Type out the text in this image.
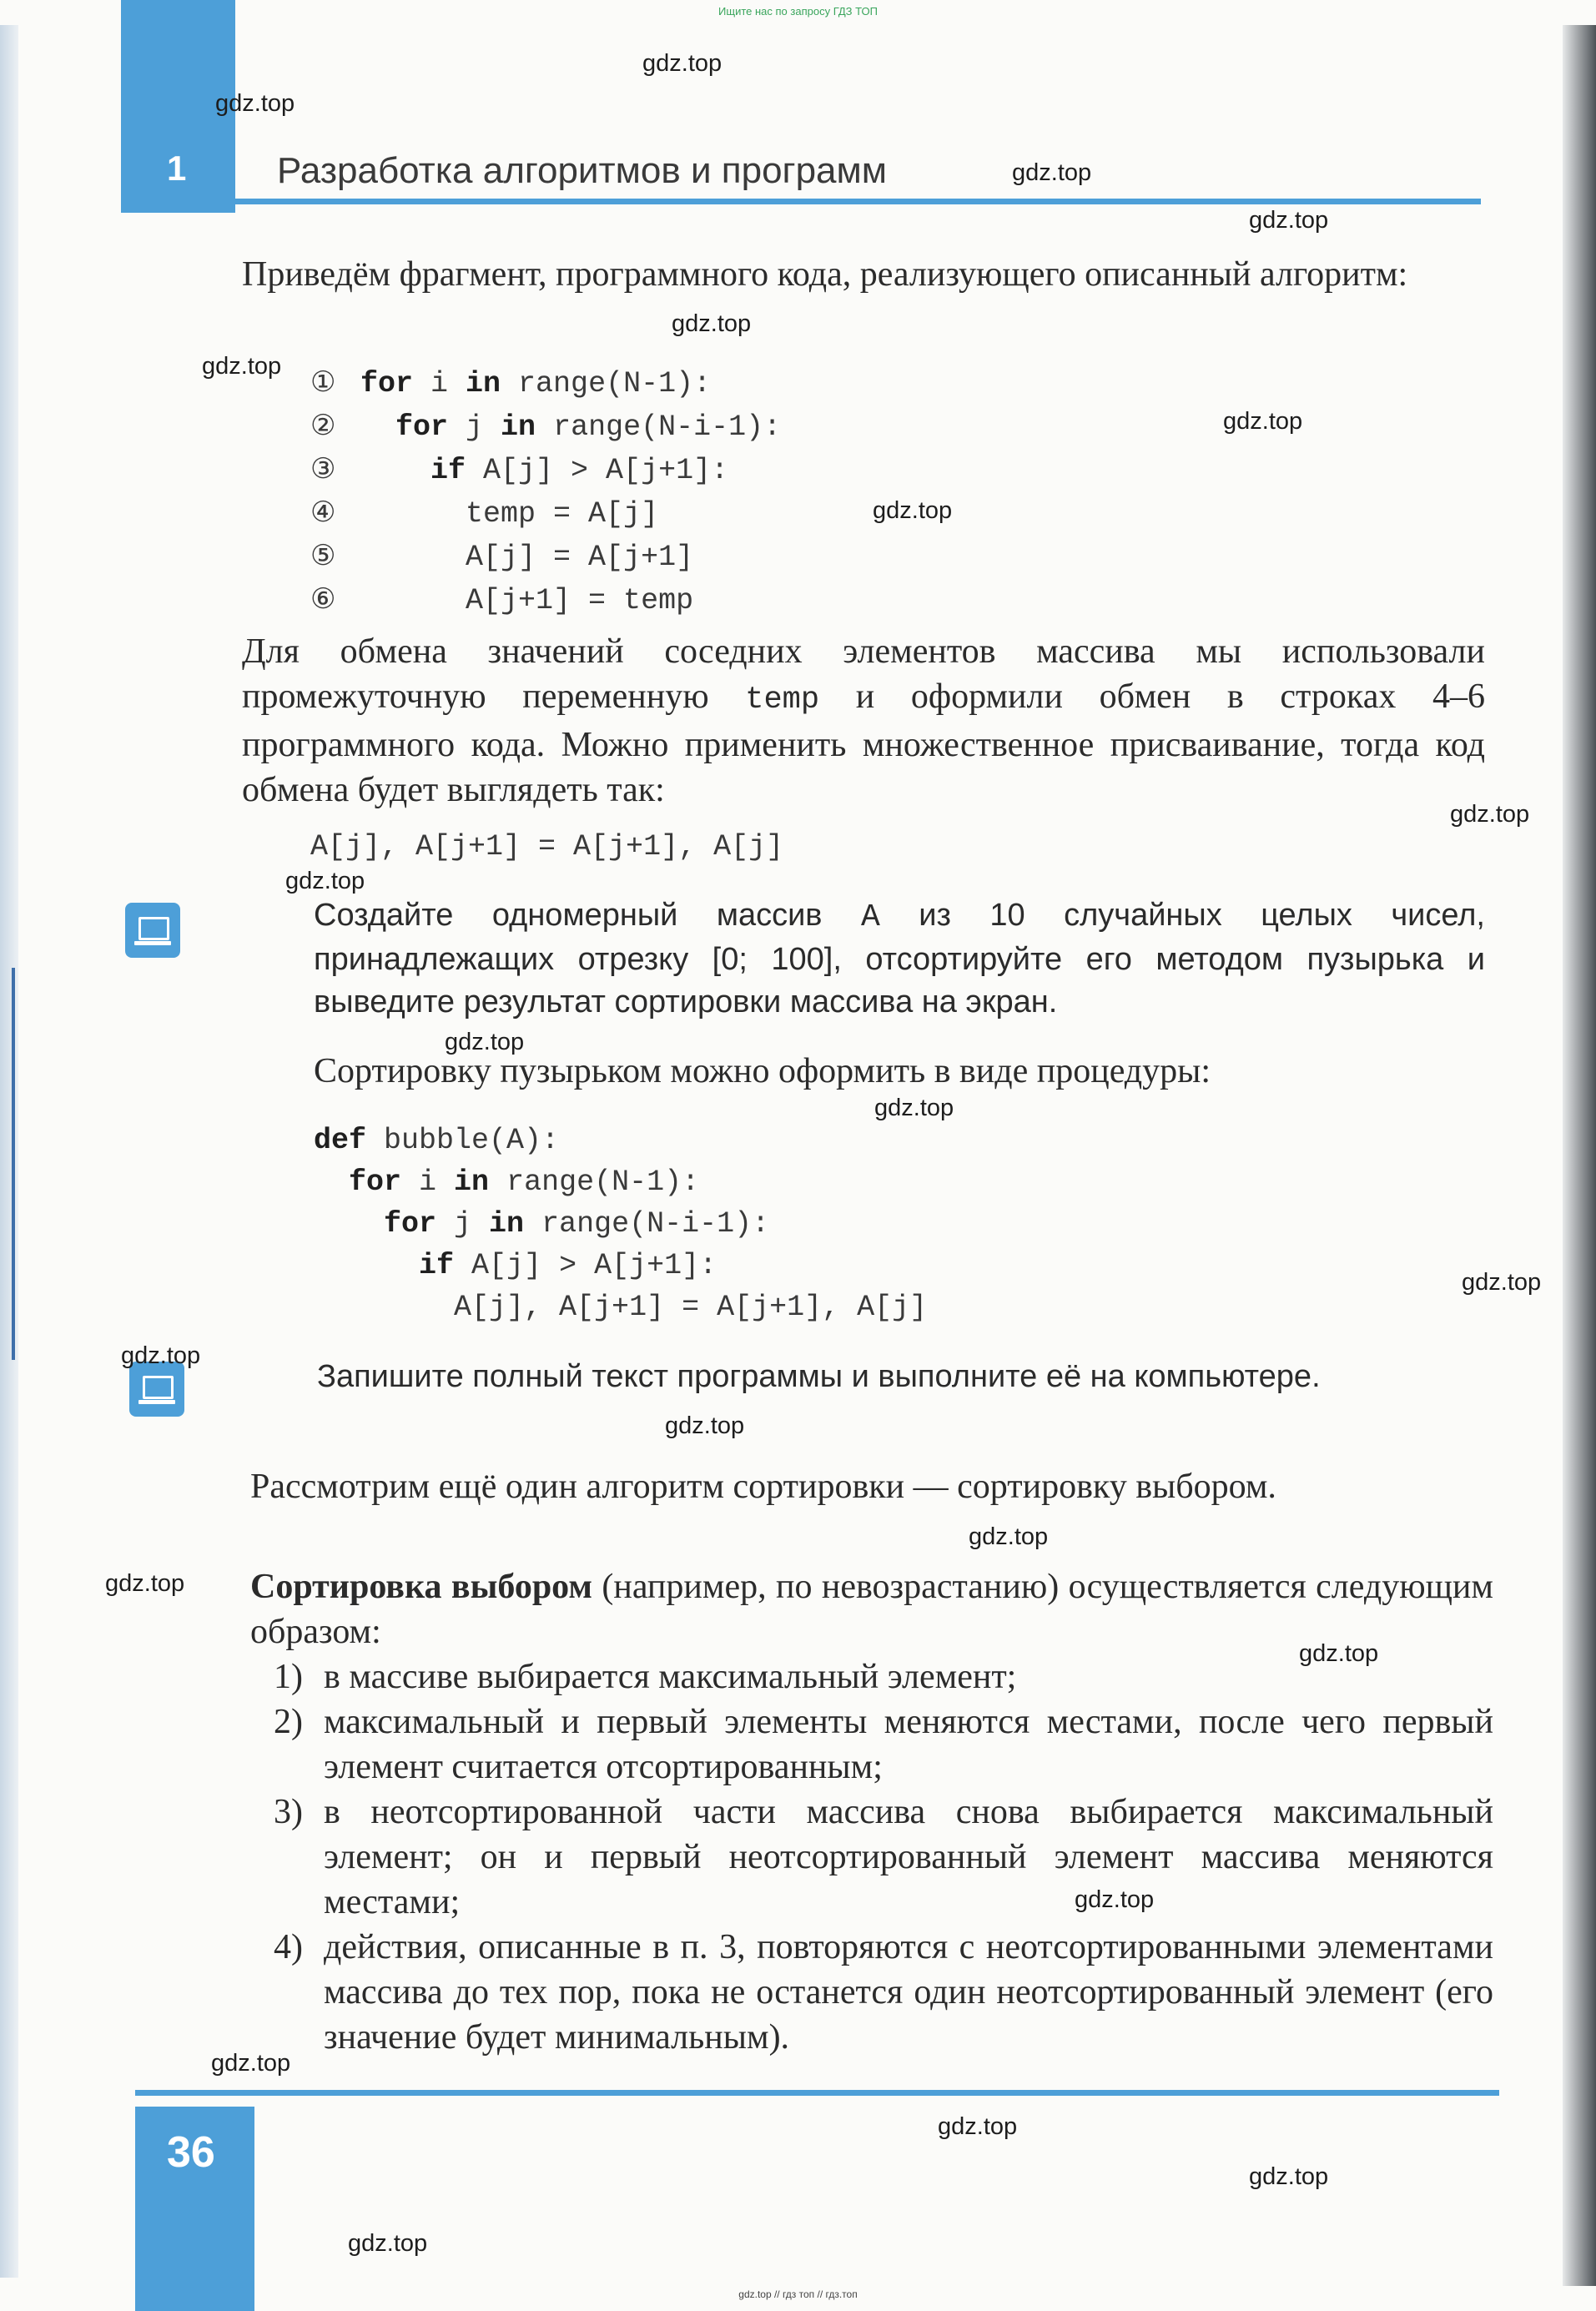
Ищите нас по запросу ГДЗ ТОП
1 Разработка алгоритмов и программ

Приведём фрагмент, программного кода, реализующего описанный алгоритм:

① for i in range(N-1):
② for j in range(N-i-1):
③	if A[j] > A[j+1]:
④	temp = A[j]
⑤	A[j] = A[j+1]
⑥	A[j+1] = temp

Для обмена значений соседних элементов массива мы использовали промежуточную переменную temp и оформили обмен в строках 4–6 программного кода. Можно применить множественное присваивание, тогда код обмена будет выглядеть так:

A[j], A[j+1] = A[j+1], A[j]

Создайте одномерный массив A из 10 случайных целых чисел, принадлежащих отрезку [0; 100], отсортируйте его методом пузырька и выведите результат сортировки массива на экран.

Сортировку пузырьком можно оформить в виде процедуры:

def bubble(A):
for i in range(N-1):
for j in range(N-i-1):
if A[j] > A[j+1]:
A[j], A[j+1] = A[j+1], A[j]

Запишите полный текст программы и выполните её на компьютере.

Рассмотрим ещё один алгоритм сортировки — сортировку выбором.

Сортировка выбором (например, по невозрастанию) осуществляется следующим образом:

1) в массиве выбирается максимальный элемент;
2) максимальный и первый элементы меняются местами, после чего первый элемент считается отсортированным;
3) в неотсортированной части массива снова выбирается максимальный элемент; он и первый неотсортированный элемент массива меняются местами;
4) действия, описанные в п. 3, повторяются с неотсортированными элементами массива до тех пор, пока не останется один неотсортированный элемент (его значение будет минимальным).
36
gdz.top // гдз топ // гдз.топ
gdz.top
gdz.top
gdz.top
gdz.top
gdz.top
gdz.top
gdz.top
gdz.top
gdz.top
gdz.top
gdz.top
gdz.top
gdz.top
gdz.top
gdz.top
gdz.top
gdz.top
gdz.top
gdz.top
gdz.top
gdz.top
gdz.top
gdz.top
